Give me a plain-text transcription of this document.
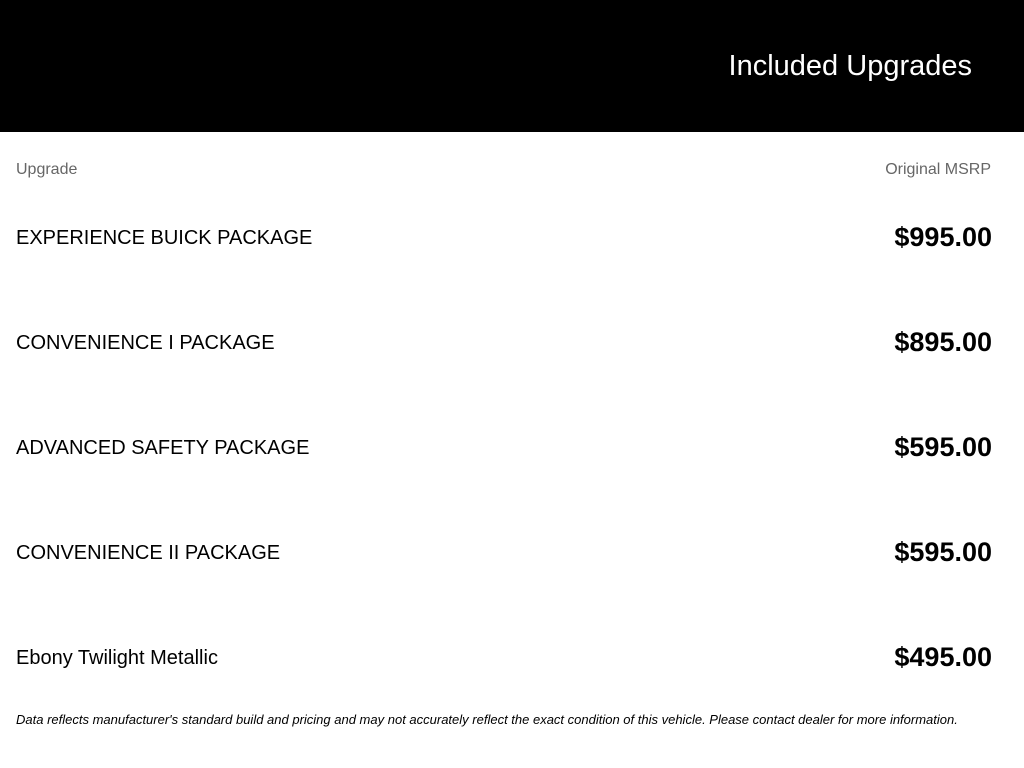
Included Upgrades
Upgrade	Original MSRP
EXPERIENCE BUICK PACKAGE	$995.00
CONVENIENCE I PACKAGE	$895.00
ADVANCED SAFETY PACKAGE	$595.00
CONVENIENCE II PACKAGE	$595.00
Ebony Twilight Metallic	$495.00
Data reflects manufacturer's standard build and pricing and may not accurately reflect the exact condition of this vehicle. Please contact dealer for more information.
